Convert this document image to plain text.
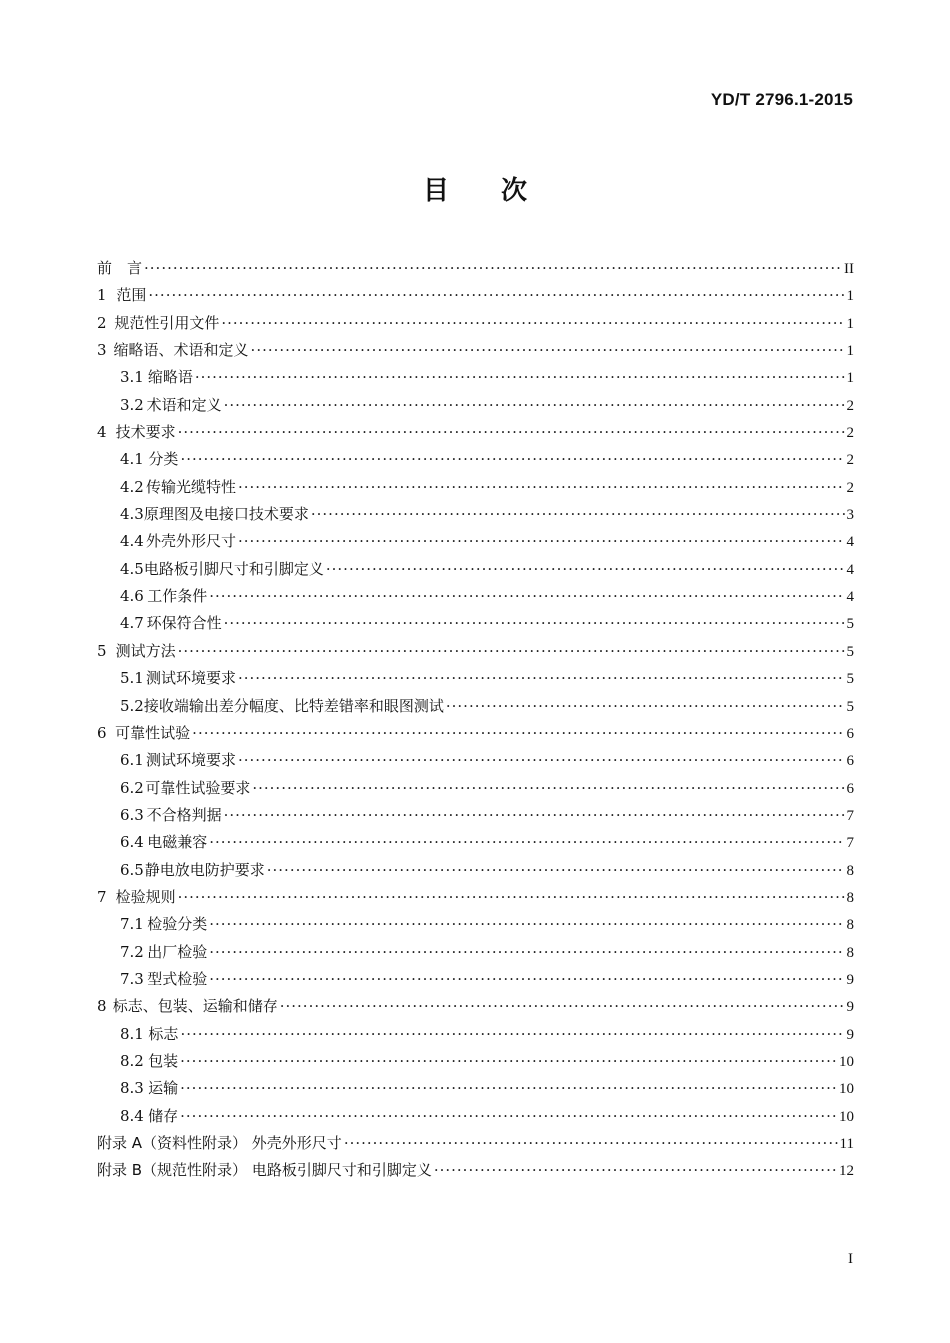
YD/T 2796.1-2015
目 次
前　言 ·····	II
1 范围 ·····	1
2 规范性引用文件 ·····	1
3 缩略语、术语和定义 ·····	1
3.1 缩略语 ·····	1
3.2 术语和定义 ·····	2
4 技术要求 ·····	2
4.1 分类 ·····	2
4.2 传输光缆特性 ·····	2
4.3 原理图及电接口技术要求 ·····	3
4.4 外壳外形尺寸 ·····	4
4.5 电路板引脚尺寸和引脚定义 ·····	4
4.6 工作条件 ·····	4
4.7 环保符合性 ·····	5
5 测试方法 ·····	5
5.1 测试环境要求 ·····	5
5.2 接收端输出差分幅度、比特差错率和眼图测试 ·····	5
6 可靠性试验 ·····	6
6.1 测试环境要求 ·····	6
6.2 可靠性试验要求 ·····	6
6.3 不合格判据 ·····	7
6.4 电磁兼容 ·····	7
6.5 静电放电防护要求 ·····	8
7 检验规则 ·····	8
7.1 检验分类 ·····	8
7.2 出厂检验 ·····	8
7.3 型式检验 ·····	9
8 标志、包装、运输和储存 ·····	9
8.1 标志 ·····	9
8.2 包装 ·····	10
8.3 运输 ·····	10
8.4 储存 ·····	10
附录 A（资料性附录） 外壳外形尺寸 ·····	11
附录 B（规范性附录） 电路板引脚尺寸和引脚定义 ·····	12
I
